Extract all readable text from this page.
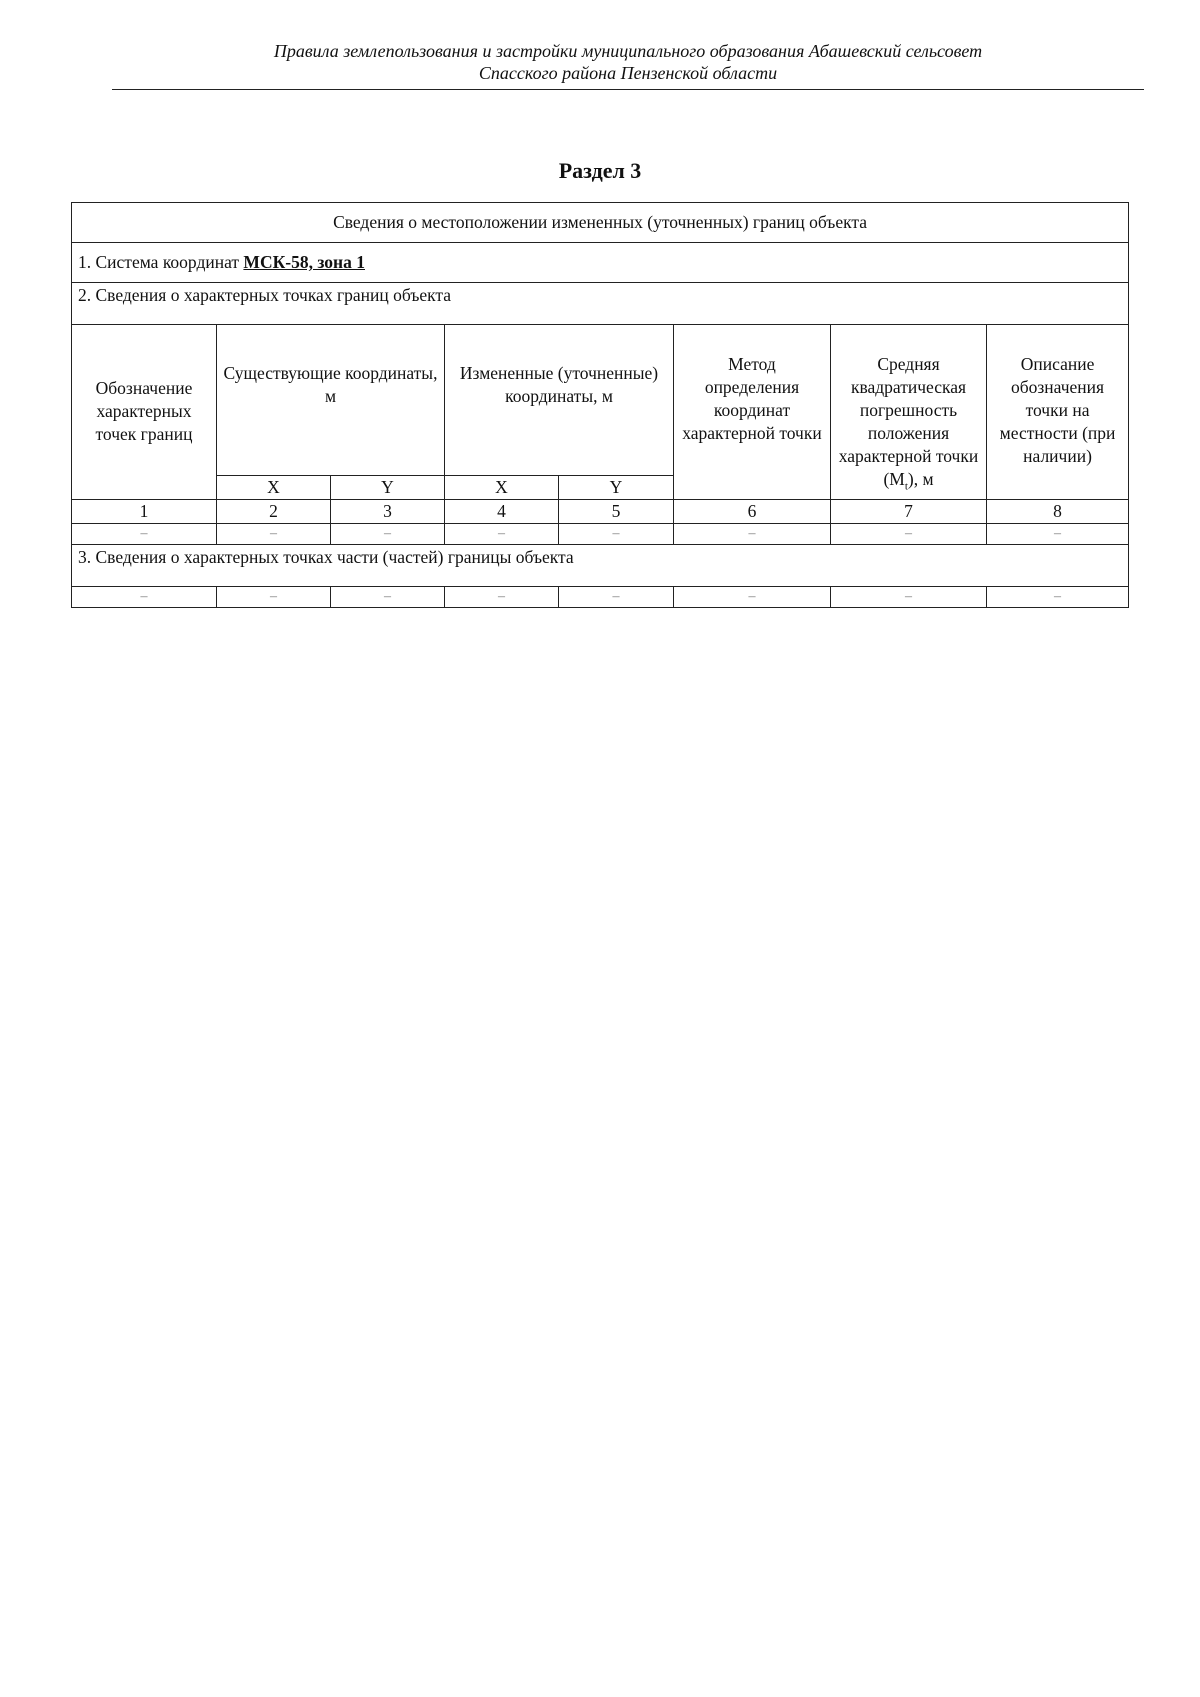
Правила землепользования и застройки муниципального образования Абашевский сельсовет
Спасского района Пензенской области
Раздел 3
Сведения о местоположении измененных (уточненных) границ объекта							
1. Система координат МСК-58, зона 1							
2. Сведения о характерных точках границ объекта							
Обозначение характерных точек границ	Существующие координаты, м		Измененные (уточненные) координаты, м		Метод определения координат характерной точки	Средняя квадратическая погрешность положения характерной точки $(M_t)$, м	Описание обозначения точки на местности (при наличии)
	X	Y	X	Y			
1	2	3	4	5	6	7	8
–	–	–	–	–	–	–	–
3. Сведения о характерных точках части (частей) границы объекта							
–	–	–	–	–	–	–	–
